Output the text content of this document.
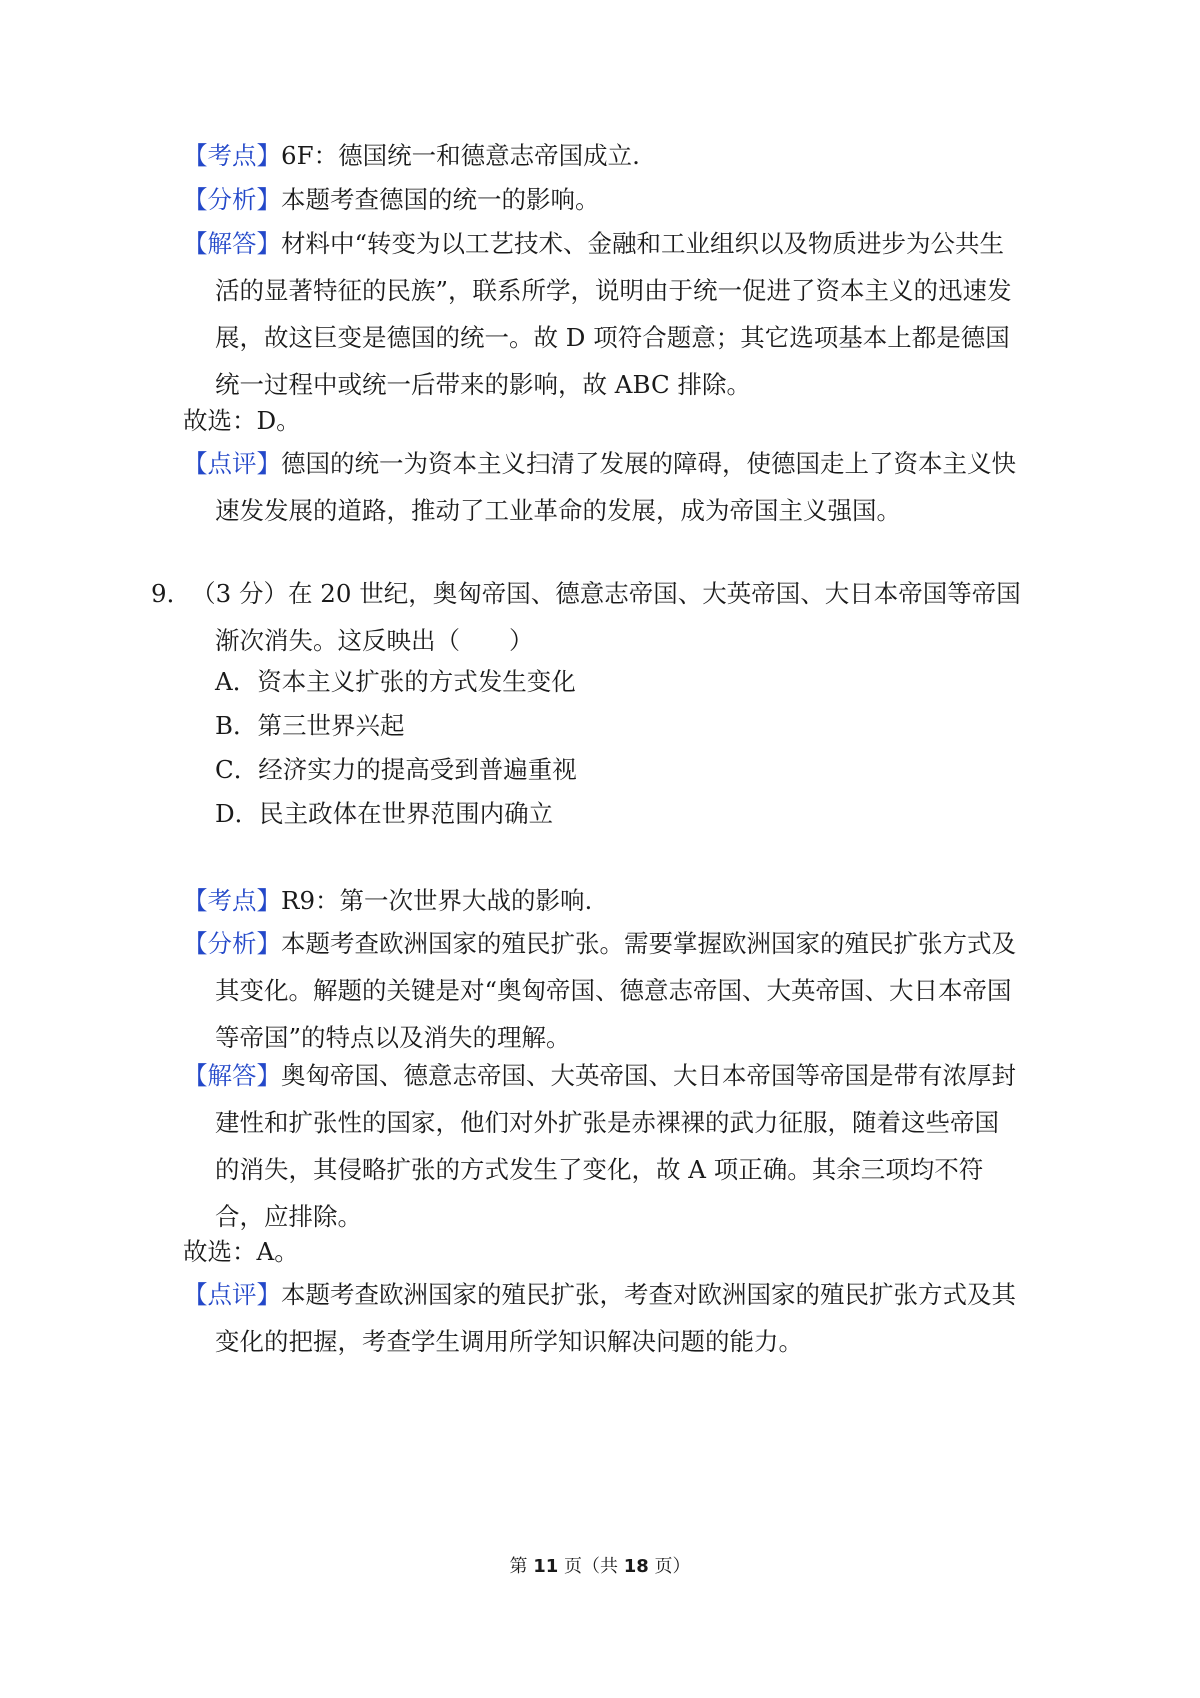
【考点】6F：德国统一和德意志帝国成立.

【分析】本题考查德国的统一的影响。

【解答】材料中“转变为以工艺技术、金融和工业组织以及物质进步为公共生活的显著特征的民族”，联系所学，说明由于统一促进了资本主义的迅速发展，故这巨变是德国的统一。故 D 项符合题意；其它选项基本上都是德国统一过程中或统一后带来的影响，故 ABC 排除。

故选：D。

【点评】德国的统一为资本主义扫清了发展的障碍，使德国走上了资本主义快速发发展的道路，推动了工业革命的发展，成为帝国主义强国。

9．（3 分）在 20 世纪，奥匈帝国、德意志帝国、大英帝国、大日本帝国等帝国渐次消失。这反映出（　　）

A．资本主义扩张的方式发生变化

B．第三世界兴起

C．经济实力的提高受到普遍重视

D．民主政体在世界范围内确立

【考点】R9：第一次世界大战的影响.

【分析】本题考查欧洲国家的殖民扩张。需要掌握欧洲国家的殖民扩张方式及其变化。解题的关键是对“奥匈帝国、德意志帝国、大英帝国、大日本帝国等帝国”的特点以及消失的理解。

【解答】奥匈帝国、德意志帝国、大英帝国、大日本帝国等帝国是带有浓厚封建性和扩张性的国家，他们对外扩张是赤裸裸的武力征服，随着这些帝国的消失，其侵略扩张的方式发生了变化，故 A 项正确。其余三项均不符合，应排除。

故选：A。

【点评】本题考查欧洲国家的殖民扩张，考查对欧洲国家的殖民扩张方式及其变化的把握，考查学生调用所学知识解决问题的能力。

第 11 页（共 18 页）
